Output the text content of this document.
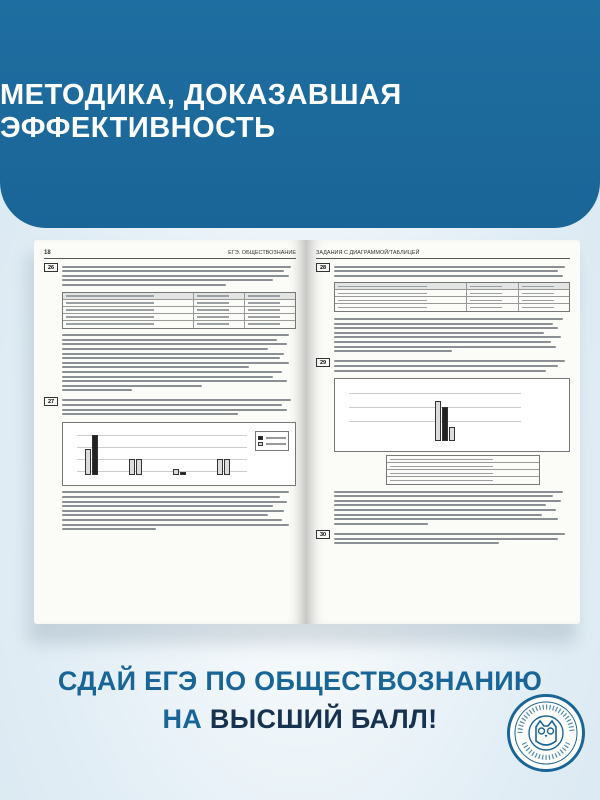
МЕТОДИКА, ДОКАЗАВШАЯ ЭФФЕКТИВНОСТЬ
18	ЕГЭ. ОБЩЕСТВОЗНАНИЕ
26
27
ЗАДАНИЯ С ДИАГРАММОЙ/ТАБЛИЦЕЙ
28
29
30
СДАЙ ЕГЭ ПО ОБЩЕСТВОЗНАНИЮ
НА ВЫСШИЙ БАЛЛ!
